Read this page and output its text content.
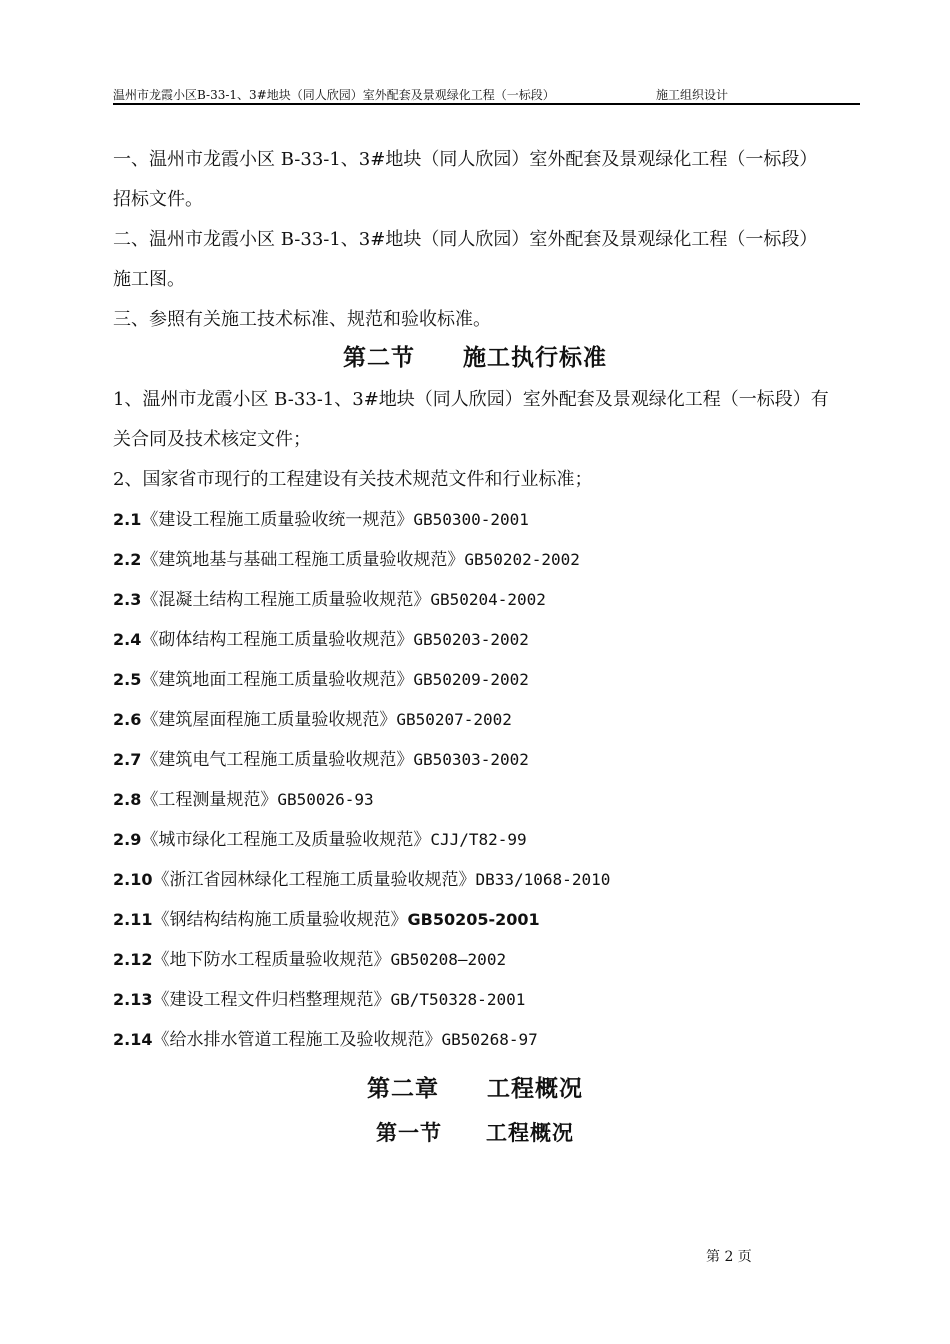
温州市龙霞小区B-33-1、3#地块（同人欣园）室外配套及景观绿化工程（一标段）	施工组织设计
一、温州市龙霞小区 B-33-1、3#地块（同人欣园）室外配套及景观绿化工程（一标段）
招标文件。
二、温州市龙霞小区 B-33-1、3#地块（同人欣园）室外配套及景观绿化工程（一标段）
施工图。
三、参照有关施工技术标准、规范和验收标准。
第二节　　施工执行标准
1、温州市龙霞小区 B-33-1、3#地块（同人欣园）室外配套及景观绿化工程（一标段）有
关合同及技术核定文件；
2、国家省市现行的工程建设有关技术规范文件和行业标准；
2.1《建设工程施工质量验收统一规范》GB50300-2001
2.2《建筑地基与基础工程施工质量验收规范》GB50202-2002
2.3《混凝土结构工程施工质量验收规范》GB50204-2002
2.4《砌体结构工程施工质量验收规范》GB50203-2002
2.5《建筑地面工程施工质量验收规范》GB50209-2002
2.6《建筑屋面程施工质量验收规范》GB50207-2002
2.7《建筑电气工程施工质量验收规范》GB50303-2002
2.8《工程测量规范》GB50026-93
2.9《城市绿化工程施工及质量验收规范》CJJ/T82-99
2.10《浙江省园林绿化工程施工质量验收规范》DB33/1068-2010
2.11《钢结构结构施工质量验收规范》GB50205-2001
2.12《地下防水工程质量验收规范》GB50208—2002
2.13《建设工程文件归档整理规范》GB/T50328-2001
2.14《给水排水管道工程施工及验收规范》GB50268-97
第二章　　工程概况
第一节　　工程概况
第 2 页
